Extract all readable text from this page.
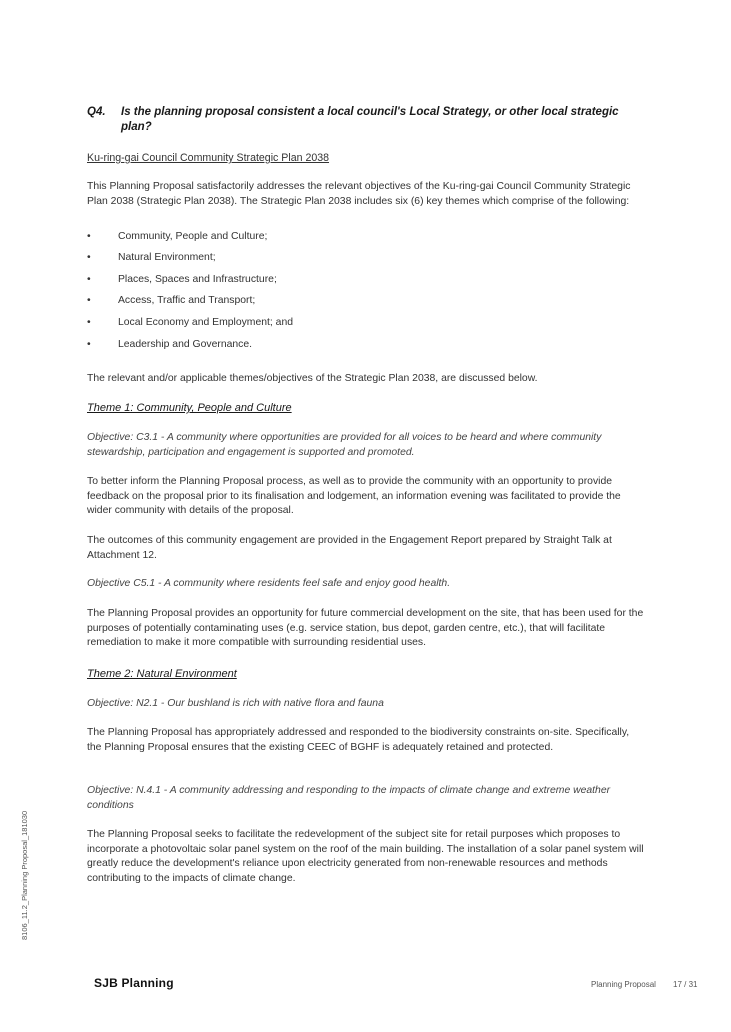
Q4. Is the planning proposal consistent a local council's Local Strategy, or other local strategic plan?

Ku-ring-gai Council Community Strategic Plan 2038

This Planning Proposal satisfactorily addresses the relevant objectives of the Ku-ring-gai Council Community Strategic Plan 2038 (Strategic Plan 2038). The Strategic Plan 2038 includes six (6) key themes which comprise of the following:

•	Community, People and Culture;
•	Natural Environment;
•	Places, Spaces and Infrastructure;
•	Access, Traffic and Transport;
•	Local Economy and Employment; and
•	Leadership and Governance.

The relevant and/or applicable themes/objectives of the Strategic Plan 2038, are discussed below.

Theme 1: Community, People and Culture

Objective: C3.1 - A community where opportunities are provided for all voices to be heard and where community stewardship, participation and engagement is supported and promoted.

To better inform the Planning Proposal process, as well as to provide the community with an opportunity to provide feedback on the proposal prior to its finalisation and lodgement, an information evening was facilitated to provide the wider community with details of the proposal.

The outcomes of this community engagement are provided in the Engagement Report prepared by Straight Talk at Attachment 12.

Objective C5.1 - A community where residents feel safe and enjoy good health.

The Planning Proposal provides an opportunity for future commercial development on the site, that has been used for the purposes of potentially contaminating uses (e.g. service station, bus depot, garden centre, etc.), that will facilitate remediation to make it more compatible with surrounding residential uses.

Theme 2: Natural Environment

Objective: N2.1 - Our bushland is rich with native flora and fauna

The Planning Proposal has appropriately addressed and responded to the biodiversity constraints on-site. Specifically, the Planning Proposal ensures that the existing CEEC of BGHF is adequately retained and protected.

Objective: N.4.1 - A community addressing and responding to the impacts of climate change and extreme weather conditions

The Planning Proposal seeks to facilitate the redevelopment of the subject site for retail purposes which proposes to incorporate a photovoltaic solar panel system on the roof of the main building. The installation of a solar panel system will greatly reduce the development's reliance upon electricity generated from non-renewable resources and methods contributing to the impacts of climate change.

8106_11.2_Planning Proposal_181030
SJB Planning	Planning Proposal 17 / 31
